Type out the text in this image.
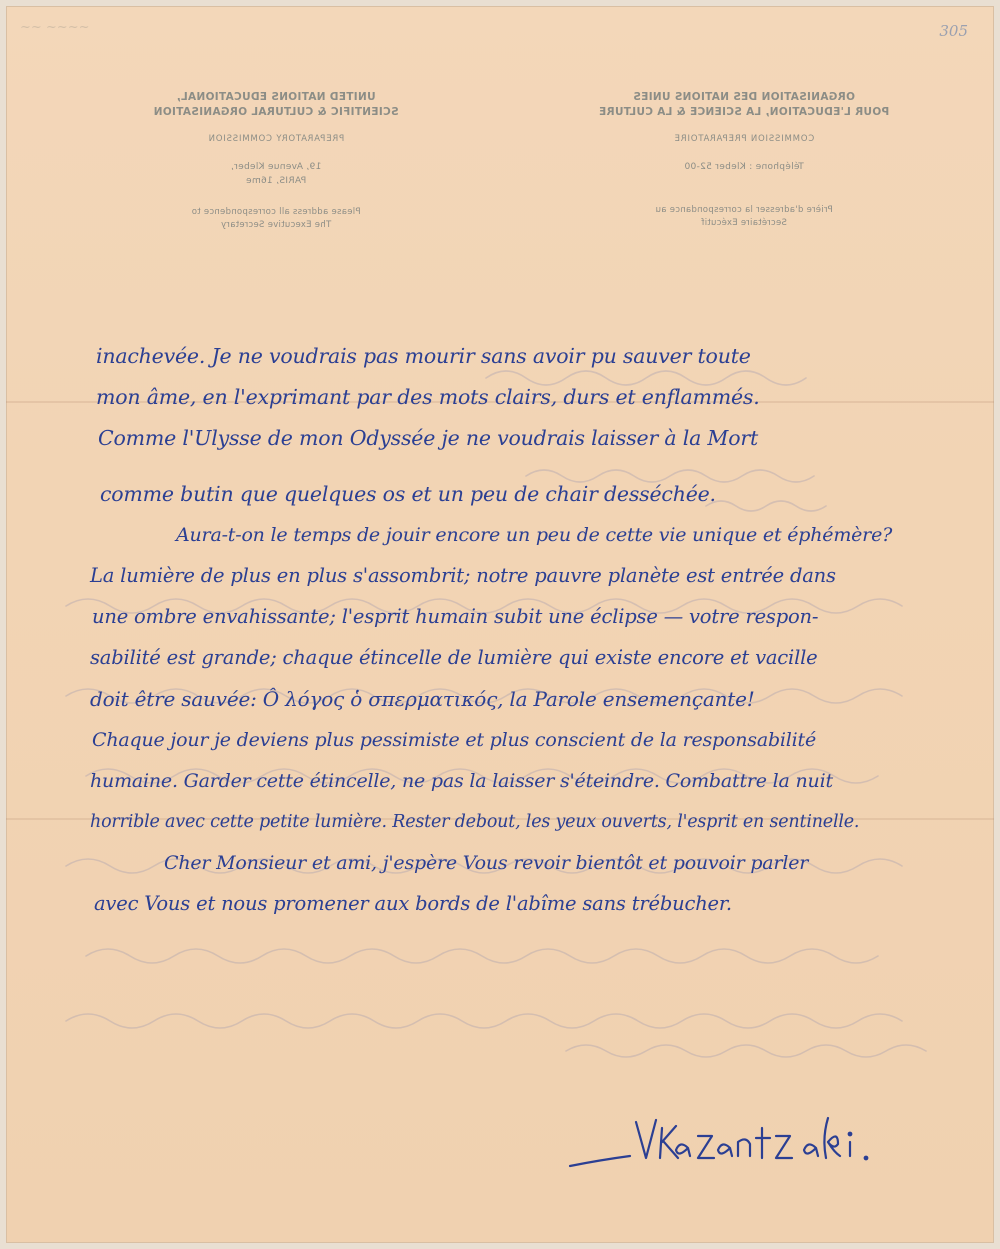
~~ ~~~~	305
ORGANISATION DES NATIONS UNIES
POUR L'EDUCATION, LA SCIENCE & LA CULTURE
COMMISSION PREPARATOIRE
Téléphone : Kleber 52-00
Prière d'adresser la correspondance au
Secrétaire Exécutif
UNITED NATIONS EDUCATIONAL,
SCIENTIFIC & CULTURAL ORGANISATION
PREPARATORY COMMISSION
19, Avenue Kleber,
PARIS, 16me
Please address all correspondence to
The Executive Secretary
inachevée. Je ne voudrais pas mourir sans avoir pu sauver toute
mon âme, en l'exprimant par des mots clairs, durs et enflammés.
Comme l'Ulysse de mon Odyssée je ne voudrais laisser à la Mort
comme butin que quelques os et un peu de chair desséchée.
Aura-t-on le temps de jouir encore un peu de cette vie unique et éphémère?
La lumière de plus en plus s'assombrit; notre pauvre planète est entrée dans
une ombre envahissante; l'esprit humain subit une éclipse — votre respon-
sabilité est grande; chaque étincelle de lumière qui existe encore et vacille
doit être sauvée: Ô λόγος ὁ σπερματικός, la Parole ensemençante!
Chaque jour je deviens plus pessimiste et plus conscient de la responsabilité
humaine. Garder cette étincelle, ne pas la laisser s'éteindre. Combattre la nuit
horrible avec cette petite lumière. Rester debout, les yeux ouverts, l'esprit en sentinelle.
Cher Monsieur et ami, j'espère Vous revoir bientôt et pouvoir parler
avec Vous et nous promener aux bords de l'abîme sans trébucher.
